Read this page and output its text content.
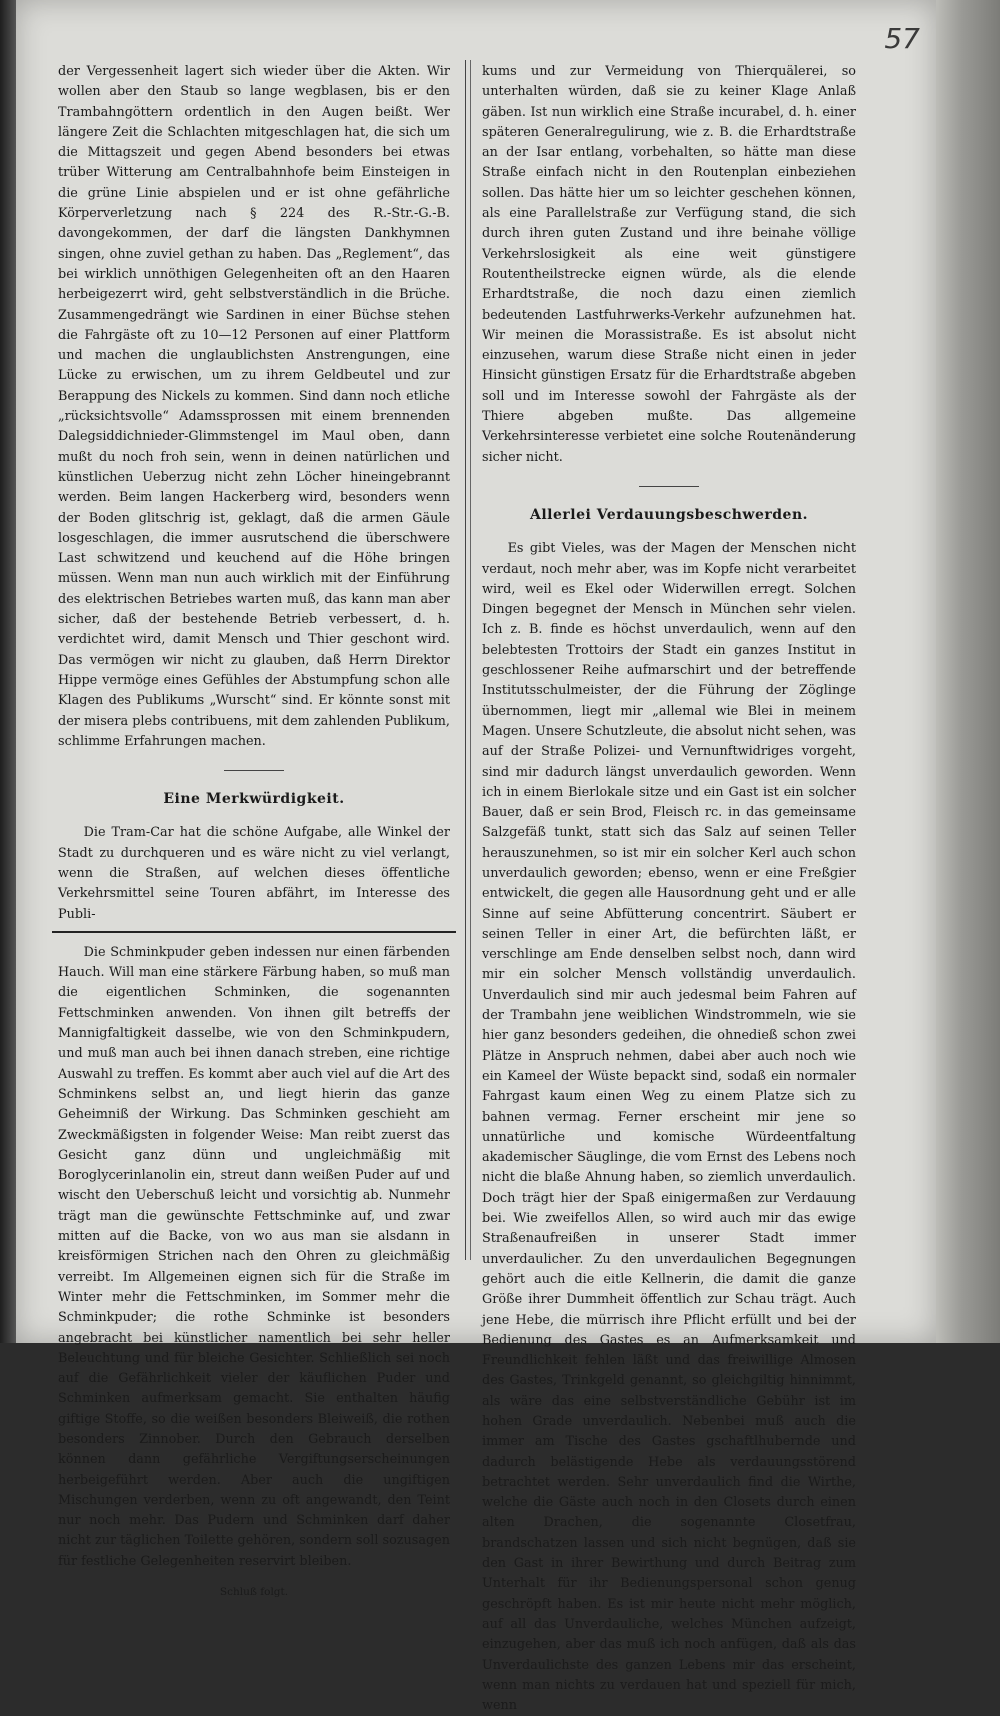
57

der Vergessenheit lagert sich wieder über die Akten. Wir wollen aber den Staub so lange wegblasen, bis er den Trambahngöttern ordentlich in den Augen beißt. Wer längere Zeit die Schlachten mitgeschlagen hat, die sich um die Mittagszeit und gegen Abend besonders bei etwas trüber Witterung am Centralbahnhofe beim Einsteigen in die grüne Linie abspielen und er ist ohne gefährliche Körperverletzung nach § 224 des R.-Str.-G.-B. davongekommen, der darf die längsten Dankhymnen singen, ohne zuviel gethan zu haben. Das „Reglement“, das bei wirklich unnöthigen Gelegenheiten oft an den Haaren herbeigezerrt wird, geht selbstverständlich in die Brüche. Zusammengedrängt wie Sardinen in einer Büchse stehen die Fahrgäste oft zu 10—12 Personen auf einer Plattform und machen die unglaublichsten Anstrengungen, eine Lücke zu erwischen, um zu ihrem Geldbeutel und zur Berappung des Nickels zu kommen. Sind dann noch etliche „rücksichtsvolle“ Adamssprossen mit einem brennenden Dalegsiddichnieder-Glimmstengel im Maul oben, dann mußt du noch froh sein, wenn in deinen natürlichen und künstlichen Ueberzug nicht zehn Löcher hineingebrannt werden. Beim langen Hackerberg wird, besonders wenn der Boden glitschrig ist, geklagt, daß die armen Gäule losgeschlagen, die immer ausrutschend die überschwere Last schwitzend und keuchend auf die Höhe bringen müssen. Wenn man nun auch wirklich mit der Einführung des elektrischen Betriebes warten muß, das kann man aber sicher, daß der bestehende Betrieb verbessert, d. h. verdichtet wird, damit Mensch und Thier geschont wird. Das vermögen wir nicht zu glauben, daß Herrn Direktor Hippe vermöge eines Gefühles der Abstumpfung schon alle Klagen des Publikums „Wurscht“ sind. Er könnte sonst mit der misera plebs contribuens, mit dem zahlenden Publikum, schlimme Erfahrungen machen.

Eine Merkwürdigkeit.

Die Tram-Car hat die schöne Aufgabe, alle Winkel der Stadt zu durchqueren und es wäre nicht zu viel verlangt, wenn die Straßen, auf welchen dieses öffentliche Verkehrsmittel seine Touren abfährt, im Interesse des Publi-

Die Schminkpuder geben indessen nur einen färbenden Hauch. Will man eine stärkere Färbung haben, so muß man die eigentlichen Schminken, die sogenannten Fettschminken anwenden. Von ihnen gilt betreffs der Mannigfaltigkeit dasselbe, wie von den Schminkpudern, und muß man auch bei ihnen danach streben, eine richtige Auswahl zu treffen. Es kommt aber auch viel auf die Art des Schminkens selbst an, und liegt hierin das ganze Geheimniß der Wirkung. Das Schminken geschieht am Zweckmäßigsten in folgender Weise: Man reibt zuerst das Gesicht ganz dünn und ungleichmäßig mit Boroglycerinlanolin ein, streut dann weißen Puder auf und wischt den Ueberschuß leicht und vorsichtig ab. Nunmehr trägt man die gewünschte Fettschminke auf, und zwar mitten auf die Backe, von wo aus man sie alsdann in kreisförmigen Strichen nach den Ohren zu gleichmäßig verreibt. Im Allgemeinen eignen sich für die Straße im Winter mehr die Fettschminken, im Sommer mehr die Schminkpuder; die rothe Schminke ist besonders angebracht bei künstlicher namentlich bei sehr heller Beleuchtung und für bleiche Gesichter. Schließlich sei noch auf die Gefährlichkeit vieler der käuflichen Puder und Schminken aufmerksam gemacht. Sie enthalten häufig giftige Stoffe, so die weißen besonders Bleiweiß, die rothen besonders Zinnober. Durch den Gebrauch derselben können dann gefährliche Vergiftungserscheinungen herbeigeführt werden. Aber auch die ungiftigen Mischungen verderben, wenn zu oft angewandt, den Teint nur noch mehr. Das Pudern und Schminken darf daher nicht zur täglichen Toilette gehören, sondern soll sozusagen für festliche Gelegenheiten reservirt bleiben.

Schluß folgt.

kums und zur Vermeidung von Thierquälerei, so unterhalten würden, daß sie zu keiner Klage Anlaß gäben. Ist nun wirklich eine Straße incurabel, d. h. einer späteren Generalregulirung, wie z. B. die Erhardtstraße an der Isar entlang, vorbehalten, so hätte man diese Straße einfach nicht in den Routenplan einbeziehen sollen. Das hätte hier um so leichter geschehen können, als eine Parallelstraße zur Verfügung stand, die sich durch ihren guten Zustand und ihre beinahe völlige Verkehrslosigkeit als eine weit günstigere Routentheilstrecke eignen würde, als die elende Erhardtstraße, die noch dazu einen ziemlich bedeutenden Lastfuhrwerks-Verkehr aufzunehmen hat. Wir meinen die Morassistraße. Es ist absolut nicht einzusehen, warum diese Straße nicht einen in jeder Hinsicht günstigen Ersatz für die Erhardtstraße abgeben soll und im Interesse sowohl der Fahrgäste als der Thiere abgeben mußte. Das allgemeine Verkehrsinteresse verbietet eine solche Routenänderung sicher nicht.

Allerlei Verdauungsbeschwerden.

Es gibt Vieles, was der Magen der Menschen nicht verdaut, noch mehr aber, was im Kopfe nicht verarbeitet wird, weil es Ekel oder Widerwillen erregt. Solchen Dingen begegnet der Mensch in München sehr vielen. Ich z. B. finde es höchst unverdaulich, wenn auf den belebtesten Trottoirs der Stadt ein ganzes Institut in geschlossener Reihe aufmarschirt und der betreffende Institutsschulmeister, der die Führung der Zöglinge übernommen, liegt mir „allemal wie Blei in meinem Magen. Unsere Schutzleute, die absolut nicht sehen, was auf der Straße Polizei- und Vernunftwidriges vorgeht, sind mir dadurch längst unverdaulich geworden. Wenn ich in einem Bierlokale sitze und ein Gast ist ein solcher Bauer, daß er sein Brod, Fleisch rc. in das gemeinsame Salzgefäß tunkt, statt sich das Salz auf seinen Teller herauszunehmen, so ist mir ein solcher Kerl auch schon unverdaulich geworden; ebenso, wenn er eine Freßgier entwickelt, die gegen alle Hausordnung geht und er alle Sinne auf seine Abfütterung concentrirt. Säubert er seinen Teller in einer Art, die befürchten läßt, er verschlinge am Ende denselben selbst noch, dann wird mir ein solcher Mensch vollständig unverdaulich. Unverdaulich sind mir auch jedesmal beim Fahren auf der Trambahn jene weiblichen Windstrommeln, wie sie hier ganz besonders gedeihen, die ohnedieß schon zwei Plätze in Anspruch nehmen, dabei aber auch noch wie ein Kameel der Wüste bepackt sind, sodaß ein normaler Fahrgast kaum einen Weg zu einem Platze sich zu bahnen vermag. Ferner erscheint mir jene so unnatürliche und komische Würdeentfaltung akademischer Säuglinge, die vom Ernst des Lebens noch nicht die blaße Ahnung haben, so ziemlich unverdaulich. Doch trägt hier der Spaß einigermaßen zur Verdauung bei. Wie zweifellos Allen, so wird auch mir das ewige Straßenaufreißen in unserer Stadt immer unverdaulicher. Zu den unverdaulichen Begegnungen gehört auch die eitle Kellnerin, die damit die ganze Größe ihrer Dummheit öffentlich zur Schau trägt. Auch jene Hebe, die mürrisch ihre Pflicht erfüllt und bei der Bedienung des Gastes es an Aufmerksamkeit und Freundlichkeit fehlen läßt und das freiwillige Almosen des Gastes, Trinkgeld genannt, so gleichgiltig hinnimmt, als wäre das eine selbstverständliche Gebühr ist im hohen Grade unverdaulich. Nebenbei muß auch die immer am Tische des Gastes gschaftlhubernde und dadurch belästigende Hebe als verdauungsstörend betrachtet werden. Sehr unverdaulich find die Wirthe, welche die Gäste auch noch in den Closets durch einen alten Drachen, die sogenannte Closetfrau, brandschatzen lassen und sich nicht begnügen, daß sie den Gast in ihrer Bewirthung und durch Beitrag zum Unterhalt für ihr Bedienungspersonal schon genug geschröpft haben. Es ist mir heute nicht mehr möglich, auf all das Unverdauliche, welches München aufzeigt, einzugehen, aber das muß ich noch anfügen, daß als das Unverdaulichste des ganzen Lebens mir das erscheint, wenn man nichts zu verdauen hat und speziell für mich, wenn
